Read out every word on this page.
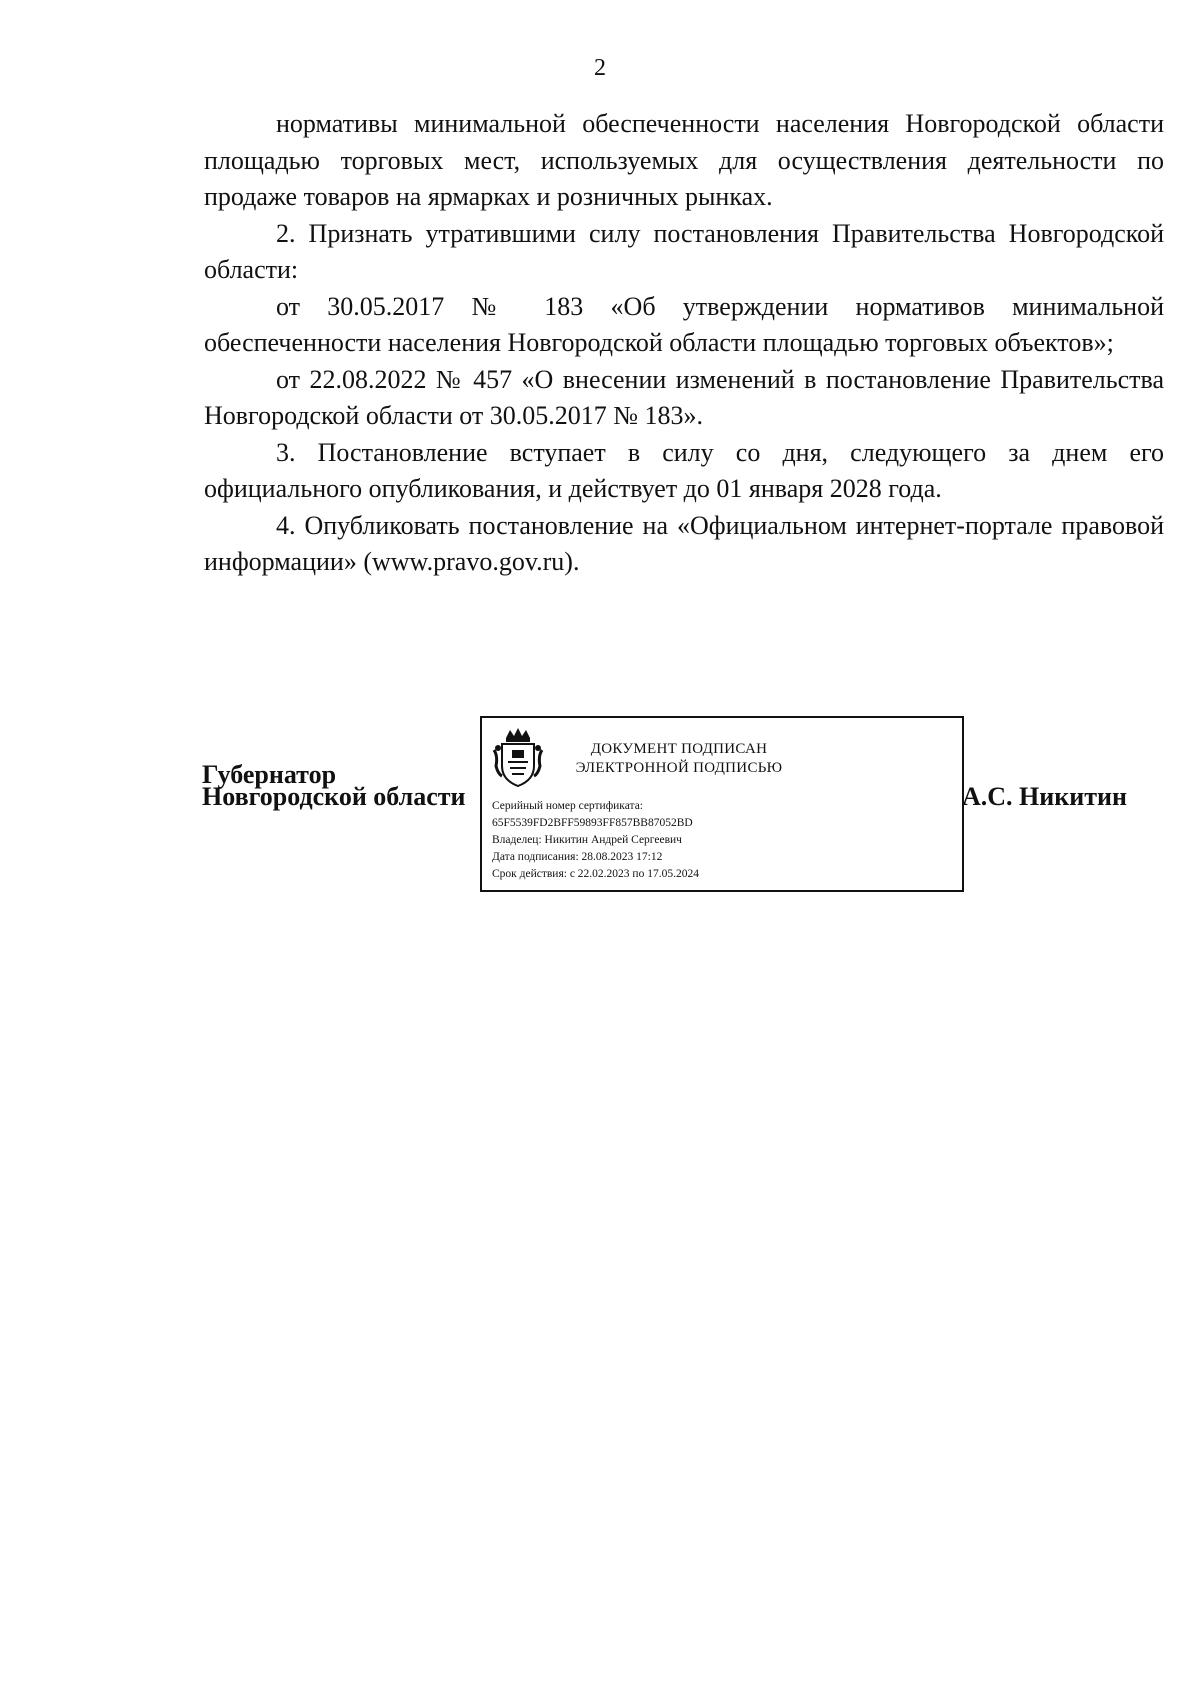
2

нормативы минимальной обеспеченности населения Новгородской области площадью торговых мест, используемых для осуществления деятельности по продаже товаров на ярмарках и розничных рынках.

2. Признать утратившими силу постановления Правительства Новгородской области:

от 30.05.2017 № 183 «Об утверждении нормативов минимальной обеспеченности населения Новгородской области площадью торговых объектов»;

от 22.08.2022 № 457 «О внесении изменений в постановление Правительства Новгородской области от 30.05.2017 № 183».

3. Постановление вступает в силу со дня, следующего за днем его официального опубликования, и действует до 01 января 2028 года.

4. Опубликовать постановление на «Официальном интернет-портале правовой информации» (www.pravo.gov.ru).

Губернатор
Новгородской области
ДОКУМЕНТ ПОДПИСАН
ЭЛЕКТРОННОЙ ПОДПИСЬЮ
Серийный номер сертификата:
65F5539FD2BFF59893FF857BB87052BD
Владелец: Никитин Андрей Сергеевич
Дата подписания: 28.08.2023 17:12
Срок действия: с 22.02.2023 по 17.05.2024
А.С. Никитин
